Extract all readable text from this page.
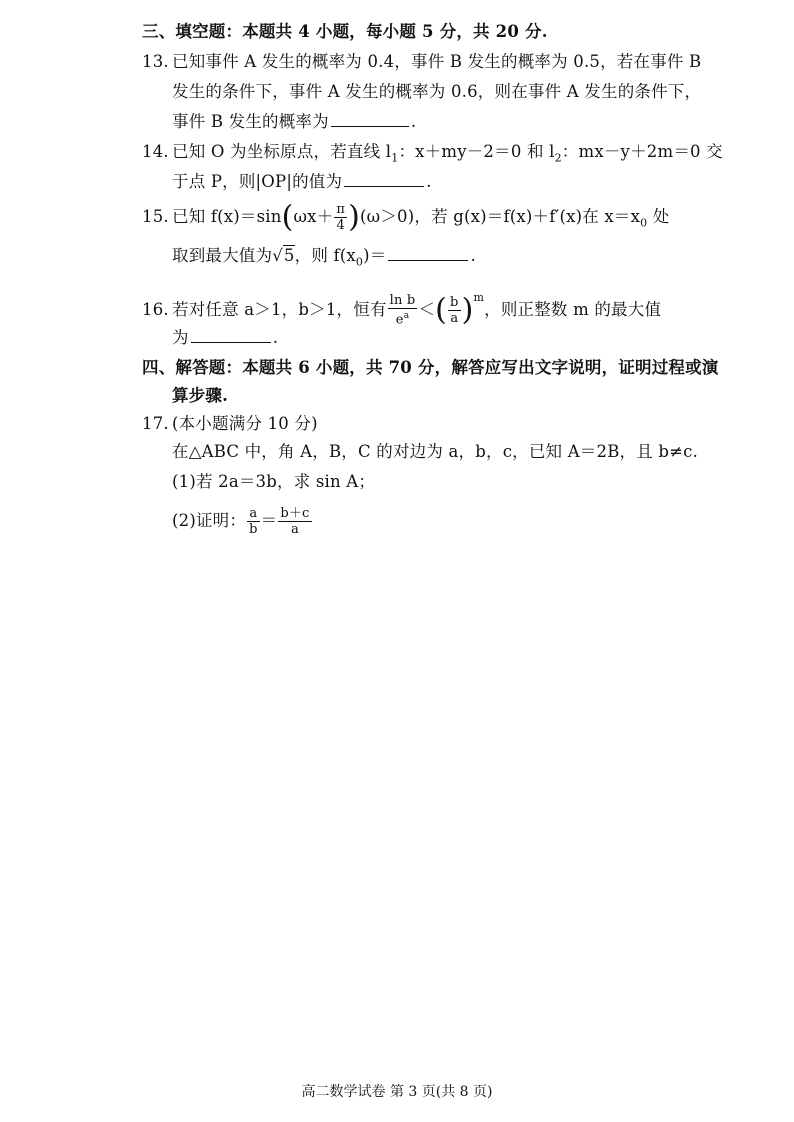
三、填空题：本题共 4 小题，每小题 5 分，共 20 分.
13. 已知事件 A 发生的概率为 0.4，事件 B 发生的概率为 0.5，若在事件 B
发生的条件下，事件 A 发生的概率为 0.6，则在事件 A 发生的条件下，
事件 B 发生的概率为	.
14. 已知 O 为坐标原点，若直线 $l_1$：x＋my－2＝0 和 $l_2$：mx－y＋2m＝0 交
于点 P，则|OP|的值为	.
15. 已知 $f(x)=\sin(\omega x+ \frac{\pi}{4} )(\omega>0)$，若 g(x)＝f(x)＋f′(x)在 $x=x_0$ 处
取到最大值为√5，则 $f(x_0)=$	.
16. 若对任意 a＞1，b＞1，恒有 $\frac{\text{ln b}}{e^a}$ ＜( $\frac{b}{a} )^m$，则正整数 m 的最大值
为	.
四、解答题：本题共 6 小题，共 70 分，解答应写出文字说明，证明过程或演
算步骤.
17. (本小题满分 10 分)
在△ABC 中，角 A，B，C 的对边为 a，b，c，已知 A＝2B，且 b≠c.
(1)若 2a＝3b，求 sin A；
(2)证明： $\frac{a}{b} = \frac{b+c}{a}$
高二数学试卷 第 3 页(共 8 页)
